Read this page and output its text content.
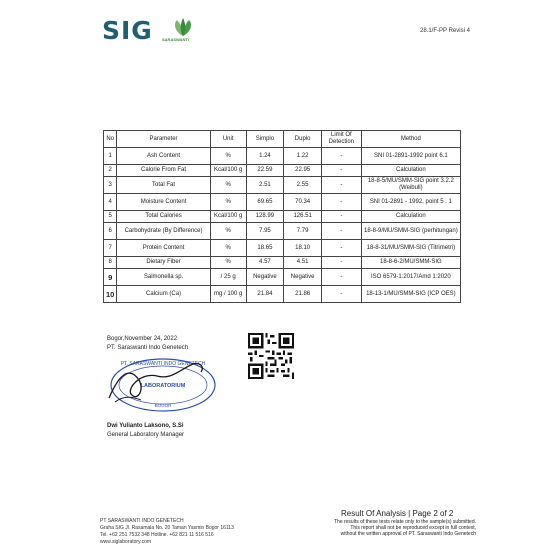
SIG SARASWANTI
28.1/F-PP Revisi 4
No	Parameter	Unit	Simplo	Duplo	Limit Of Detection	Method
1	Ash Content	%	1.24	1.22	-	SNI 01-2891-1992 point 6.1
2	Calorie From Fat	Kcal/100 g	22.59	22.95	-	Calculation
3	Total Fat	%	2.51	2.55	-	18-8-5/MU/SMM-SIG point 3.2.2 (Weibull)
4	Moisture Content	%	69.65	70.34	-	SNI 01-2891 - 1992, point 5 . 1
5	Total Calories	Kcal/100 g	128.99	126.51	-	Calculation
6	Carbohydrate (By Difference)	%	7.95	7.79	-	18-8-9/MU/SMM-SIG (perhitungan)
7	Protein Content	%	18.65	18.10	-	18-8-31/MU/SMM-SIG (Titrimetri)
8	Dietary Fiber	%	4.57	4.51	-	18-8-6-2/MU/SMM-SIG
9	Salmonella sp.	/ 25 g	Negative	Negative	-	ISO 6579-1:2017/Amd 1:2020
10	Calcium (Ca)	mg / 100 g	21.84	21.86	-	18-13-1/MU/SMM-SIG (ICP OES)
Bogor,November 24, 2022
PT. Saraswanti Indo Genetech
PT. SARASWANTI INDO GENETECH
LABORATORIUM
BOGOR
Dwi Yulianto Laksono, S.Si
General Laboratory Manager
Result Of Analysis | Page 2 of 2
The results of these tests relate only to the sample(s) submitted.
This report shall not be reproduced except in full context,
without the written approval of PT. Saraswanti Indo Genetech
PT SARASWANTI INDO GENETECH
Graha SIG Jl. Rasamala No. 20 Taman Yasmin Bogor 16113
Tel. +62 251 7532 348 Hotline. +62 821 11 516 516
www.siglaboratory.com
